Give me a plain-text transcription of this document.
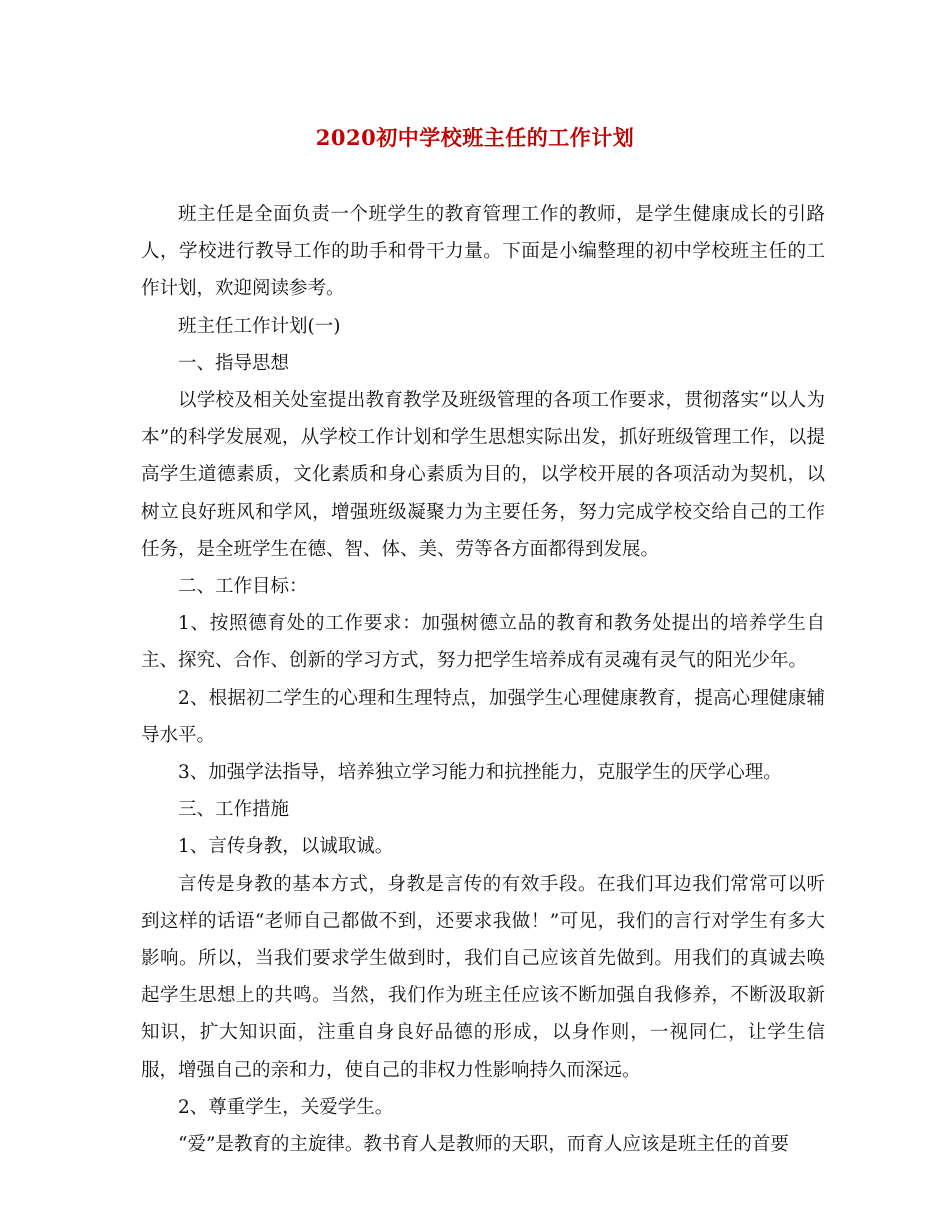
2020初中学校班主任的工作计划

班主任是全面负责一个班学生的教育管理工作的教师，是学生健康成长的引路人，学校进行教导工作的助手和骨干力量。下面是小编整理的初中学校班主任的工作计划，欢迎阅读参考。

班主任工作计划(一)

一、指导思想

以学校及相关处室提出教育教学及班级管理的各项工作要求，贯彻落实“以人为本”的科学发展观，从学校工作计划和学生思想实际出发，抓好班级管理工作，以提高学生道德素质，文化素质和身心素质为目的，以学校开展的各项活动为契机，以树立良好班风和学风，增强班级凝聚力为主要任务，努力完成学校交给自己的工作任务，是全班学生在德、智、体、美、劳等各方面都得到发展。

二、工作目标：

1、按照德育处的工作要求：加强树德立品的教育和教务处提出的培养学生自主、探究、合作、创新的学习方式，努力把学生培养成有灵魂有灵气的阳光少年。

2、根据初二学生的心理和生理特点，加强学生心理健康教育，提高心理健康辅导水平。

3、加强学法指导，培养独立学习能力和抗挫能力，克服学生的厌学心理。

三、工作措施

1、言传身教，以诚取诚。

言传是身教的基本方式，身教是言传的有效手段。在我们耳边我们常常可以听到这样的话语“老师自己都做不到，还要求我做！”可见，我们的言行对学生有多大影响。所以，当我们要求学生做到时，我们自己应该首先做到。用我们的真诚去唤起学生思想上的共鸣。当然，我们作为班主任应该不断加强自我修养，不断汲取新知识，扩大知识面，注重自身良好品德的形成，以身作则，一视同仁，让学生信服，增强自己的亲和力，使自己的非权力性影响持久而深远。

2、尊重学生，关爱学生。

“爱”是教育的主旋律。教书育人是教师的天职，而育人应该是班主任的首要
